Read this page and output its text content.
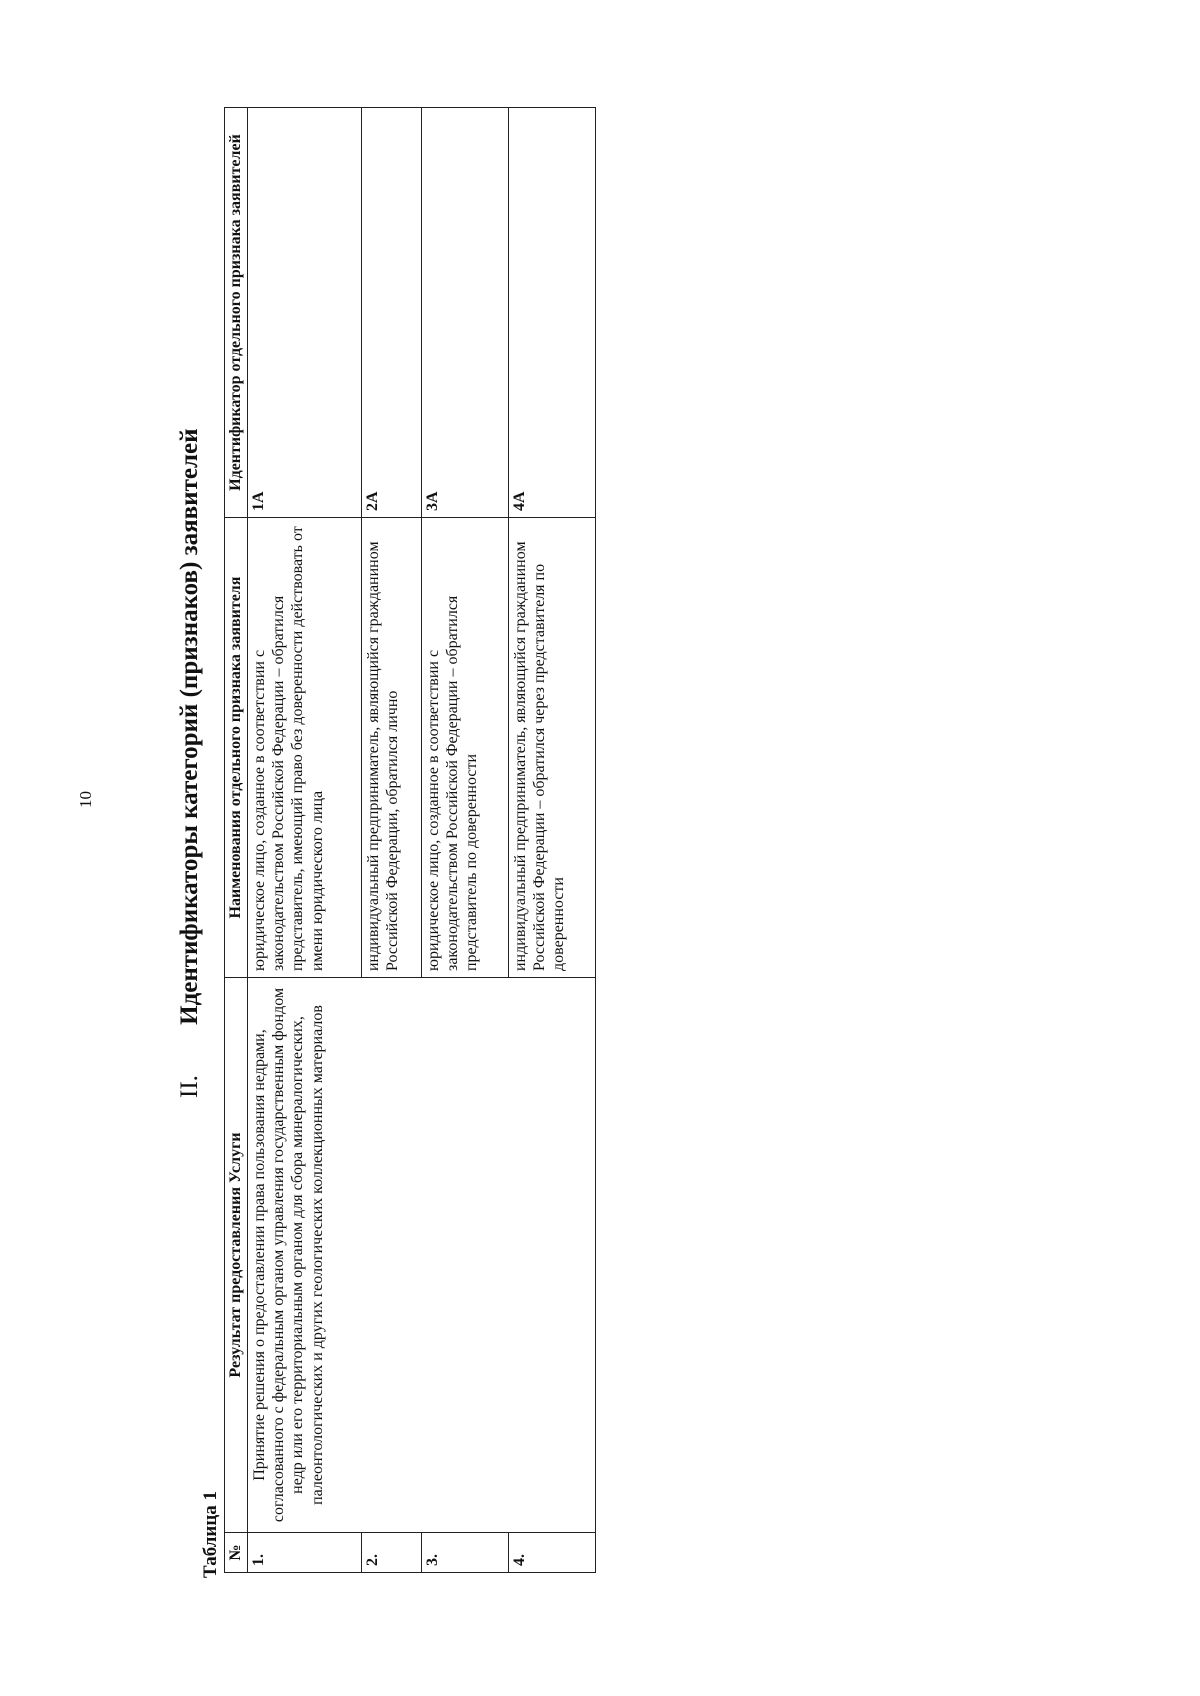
10
II. Идентификаторы категорий (признаков) заявителей
Таблица 1 №	Результат предоставления Услуги	Наименования отдельного признака заявителя	Идентификатор отдельного признака заявителей
1.	Принятие решения о предоставлении права пользования недрами, согласованного с федеральным органом управления государственным фондом недр или его территориальным органом для сбора минералогических, палеонтологических и других геологических коллекционных материалов	юридическое лицо, созданное в соответствии с законодательством Российской Федерации – обратился представитель, имеющий право без доверенности действовать от имени юридического лица	1А
2.		индивидуальный предприниматель, являющийся гражданином Российской Федерации, обратился лично	2А
3.		юридическое лицо, созданное в соответствии с законодательством Российской Федерации – обратился представитель по доверенности	3А
4.		индивидуальный предприниматель, являющийся гражданином Российской Федерации – обратился через представителя по доверенности	4А
